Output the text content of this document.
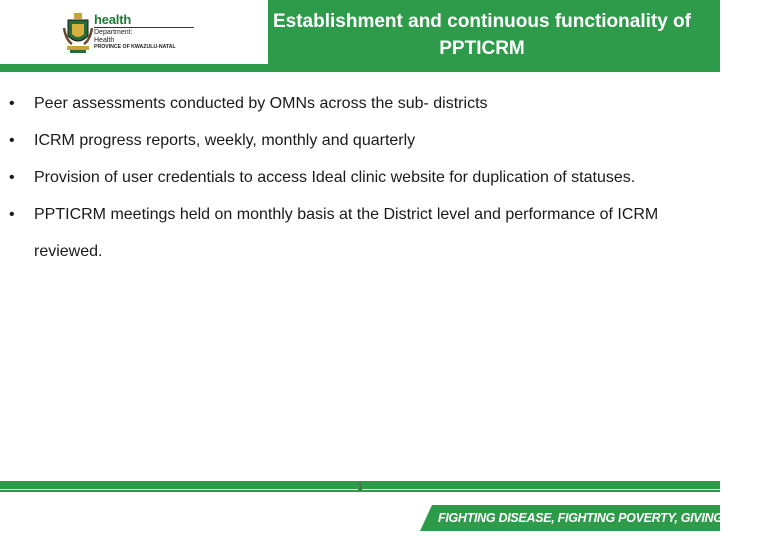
health
Department:
Health
PROVINCE OF KWAZULU-NATAL
Establishment and continuous functionality of PPTICRM
• Peer assessments conducted by OMNs across the sub- districts
• ICRM progress reports, weekly, monthly and quarterly
• Provision of user credentials to access Ideal clinic website for duplication of statuses.
• PPTICRM meetings held on monthly basis at the District level and performance of ICRM reviewed.
1
FIGHTING DISEASE, FIGHTING POVERTY, GIVING HOPE
